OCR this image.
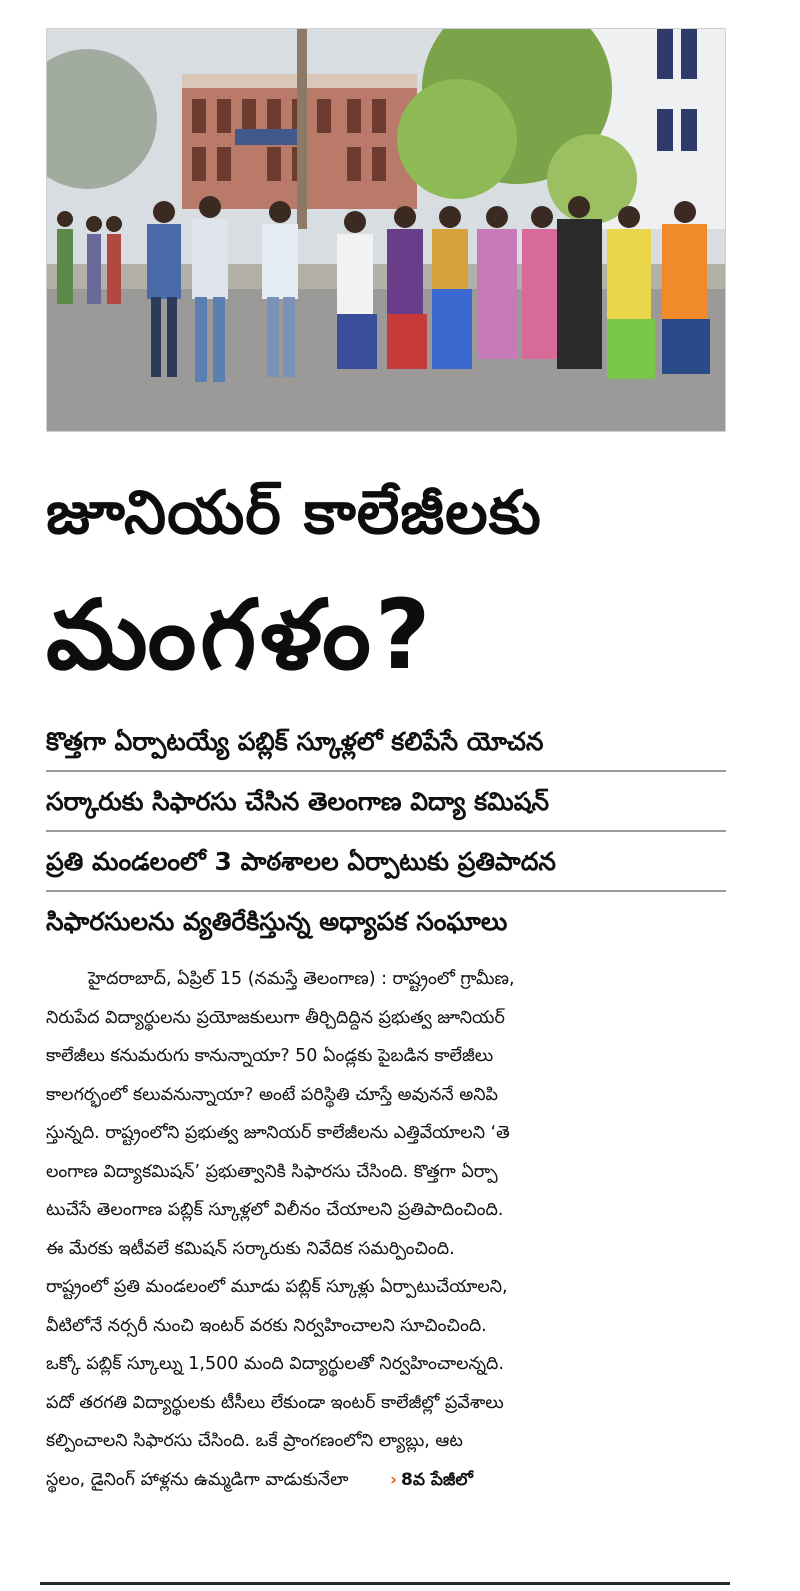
జూనియర్ కాలేజీలకు
మంగళం?
కొత్తగా ఏర్పాటయ్యే పబ్లిక్ స్కూళ్లలో కలిపేసే యోచన
సర్కారుకు సిఫారసు చేసిన తెలంగాణ విద్యా కమిషన్
ప్రతి మండలంలో 3 పాఠశాలల ఏర్పాటుకు ప్రతిపాదన
సిఫారసులను వ్యతిరేకిస్తున్న అధ్యాపక సంఘాలు
హైదరాబాద్, ఏప్రిల్ 15 (నమస్తే తెలంగాణ) : రాష్ట్రంలో గ్రామీణ,
నిరుపేద విద్యార్థులను ప్రయోజకులుగా తీర్చిదిద్దిన ప్రభుత్వ జూనియర్
కాలేజీలు కనుమరుగు కానున్నాయా? 50 ఏండ్లకు పైబడిన కాలేజీలు
కాలగర్భంలో కలువనున్నాయా? అంటే పరిస్థితి చూస్తే అవుననే అనిపి
స్తున్నది. రాష్ట్రంలోని ప్రభుత్వ జూనియర్ కాలేజీలను ఎత్తివేయాలని ‘తె
లంగాణ విద్యాకమిషన్’ ప్రభుత్వానికి సిఫారసు చేసింది. కొత్తగా ఏర్పా
టుచేసే తెలంగాణ పబ్లిక్ స్కూళ్లలో విలీనం చేయాలని ప్రతిపాదించింది.
ఈ మేరకు ఇటీవలే కమిషన్ సర్కారుకు నివేదిక సమర్పించింది.
రాష్ట్రంలో ప్రతి మండలంలో మూడు పబ్లిక్ స్కూళ్లు ఏర్పాటుచేయాలని,
వీటిలోనే నర్సరీ నుంచి ఇంటర్ వరకు నిర్వహించాలని సూచించింది.
ఒక్కో పబ్లిక్ స్కూల్ను 1,500 మంది విద్యార్థులతో నిర్వహించాలన్నది.
పదో తరగతి విద్యార్థులకు టీసీలు లేకుండా ఇంటర్ కాలేజీల్లో ప్రవేశాలు
కల్పించాలని సిఫారసు చేసింది. ఒకే ప్రాంగణంలోని ల్యాబ్లు, ఆట
స్థలం, డైనింగ్ హాళ్లను ఉమ్మడిగా వాడుకునేలా › 8వ పేజీలో
